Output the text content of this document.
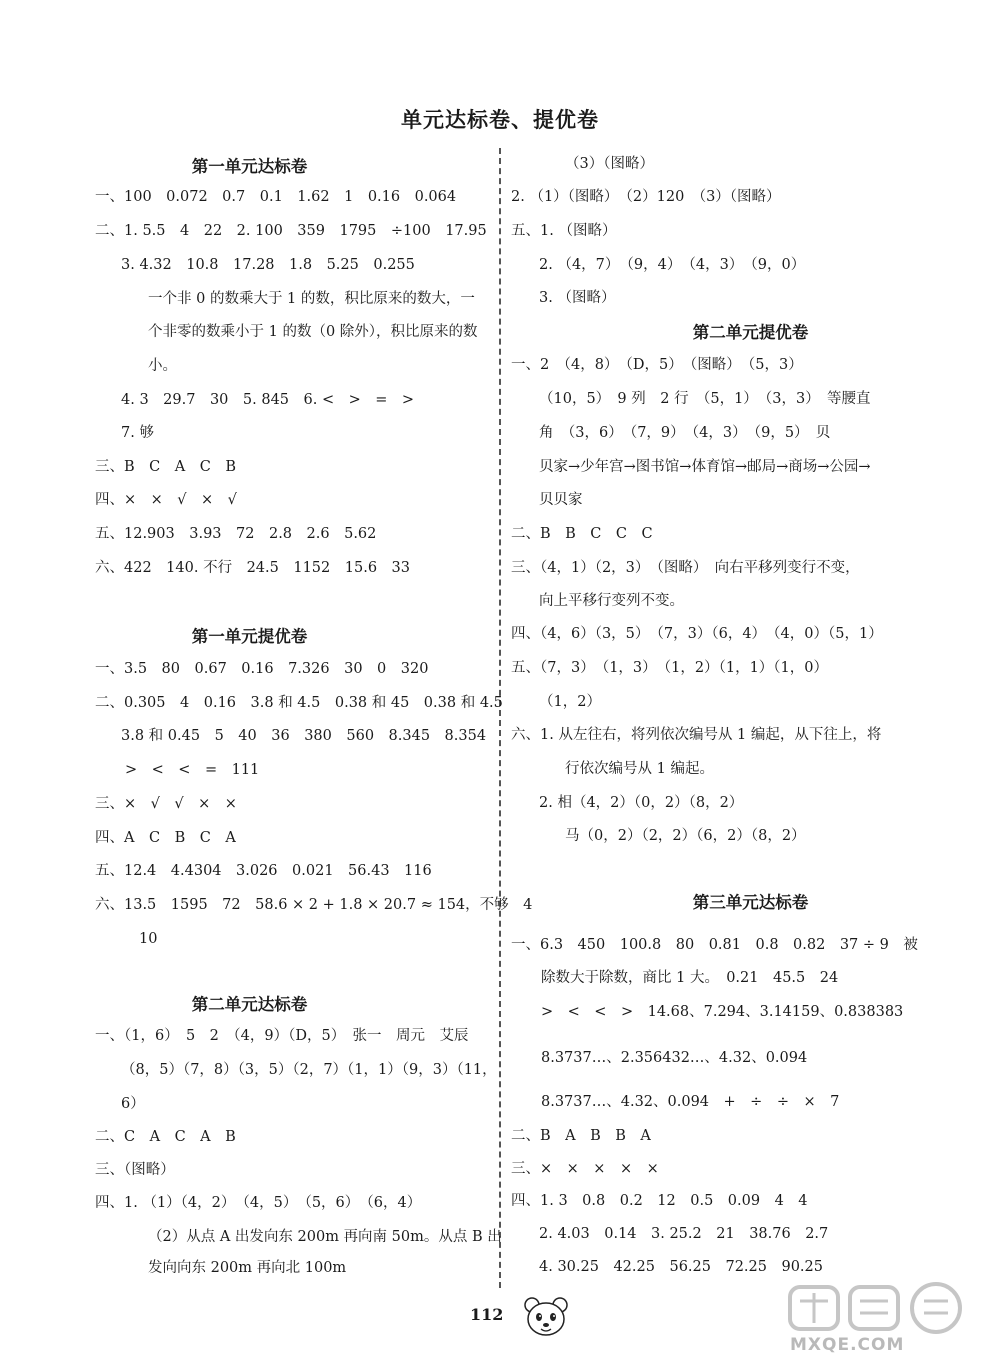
单元达标卷、提优卷
第一单元达标卷
一、100　0.072　0.7　0.1　1.62　1　0.16　0.064
二、1. 5.5　4　22　2. 100　359　1795　÷100　17.95
3. 4.32　10.8　17.28　1.8　5.25　0.255
一个非 0 的数乘大于 1 的数，积比原来的数大，一
个非零的数乘小于 1 的数（0 除外），积比原来的数
小。
4. 3　29.7　30　5. 845　6. <　>　=　>
7. 够
三、B　C　A　C　B
四、×　×　√　×　√
五、12.903　3.93　72　2.8　2.6　5.62
六、422　140. 不行　24.5　1152　15.6　33
第一单元提优卷
一、3.5　80　0.67　0.16　7.326　30　0　320
二、0.305　4　0.16　3.8 和 4.5　0.38 和 45　0.38 和 4.5
3.8 和 0.45　5　40　36　380　560　8.345　8.354
>　<　<　=　111
三、×　√　√　×　×
四、A　C　B　C　A
五、12.4　4.4304　3.026　0.021　56.43　116
六、13.5　1595　72　58.6 × 2 + 1.8 × 20.7 ≈ 154，不够　4
10
第二单元达标卷
一、（1，6）　5　2　（4，9）（D，5）　张一　周元　艾辰
（8，5）（7，8）（3，5）（2，7）（1，1）（9，3）（11，
6）
二、C　A　C　A　B
三、（图略）
四、1. （1）（4，2）　（4，5）　（5，6）　（6，4）
（2）从点 A 出发向东 200m 再向南 50m。从点 B 出
发向向东 200m 再向北 100m
（3）（图略）
2. （1）（图略）　（2）120　（3）（图略）
五、1. （图略）
2. （4，7）　（9，4）　（4，3）　（9，0）
3. （图略）
第二单元提优卷
一、2　（4，8）　（D，5）　（图略）　（5，3）
（10，5）　9 列　2 行　（5，1）　（3，3）　等腰直
角　（3，6）　（7，9）　（4，3）　（9，5）　贝
贝家→少年宫→图书馆→体育馆→邮局→商场→公园→
贝贝家
二、B　B　C　C　C
三、（4，1）（2，3）　（图略）　向右平移列变行不变，
向上平移行变列不变。
四、（4，6）（3，5）　（7，3）（6，4）　（4，0）（5，1）
五、（7，3）　（1，3）　（1，2）（1，1）（1，0）
（1，2）
六、1. 从左往右，将列依次编号从 1 编起，从下往上，将
行依次编号从 1 编起。
2. 相（4，2）（0，2）（8，2）
马（0，2）（2，2）（6，2）（8，2）
第三单元达标卷
一、6.3　450　100.8　80　0.81　0.8　0.82　37 ÷ 9　被
除数大于除数，商比 1 大。　0.21　45.5　24
>　<　<　>　14.68、7.294、3.14159、0.838383
8.3737…、2.356432…、4.32、0.094
8.3737…、4.32、0.094　+　÷　÷　×　7
二、B　A　B　B　A
三、×　×　×　×　×
四、1. 3　0.8　0.2　12　0.5　0.09　4　4
2. 4.03　0.14　3. 25.2　21　38.76　2.7
4. 30.25　42.25　56.25　72.25　90.25
112
MXQE.COM
